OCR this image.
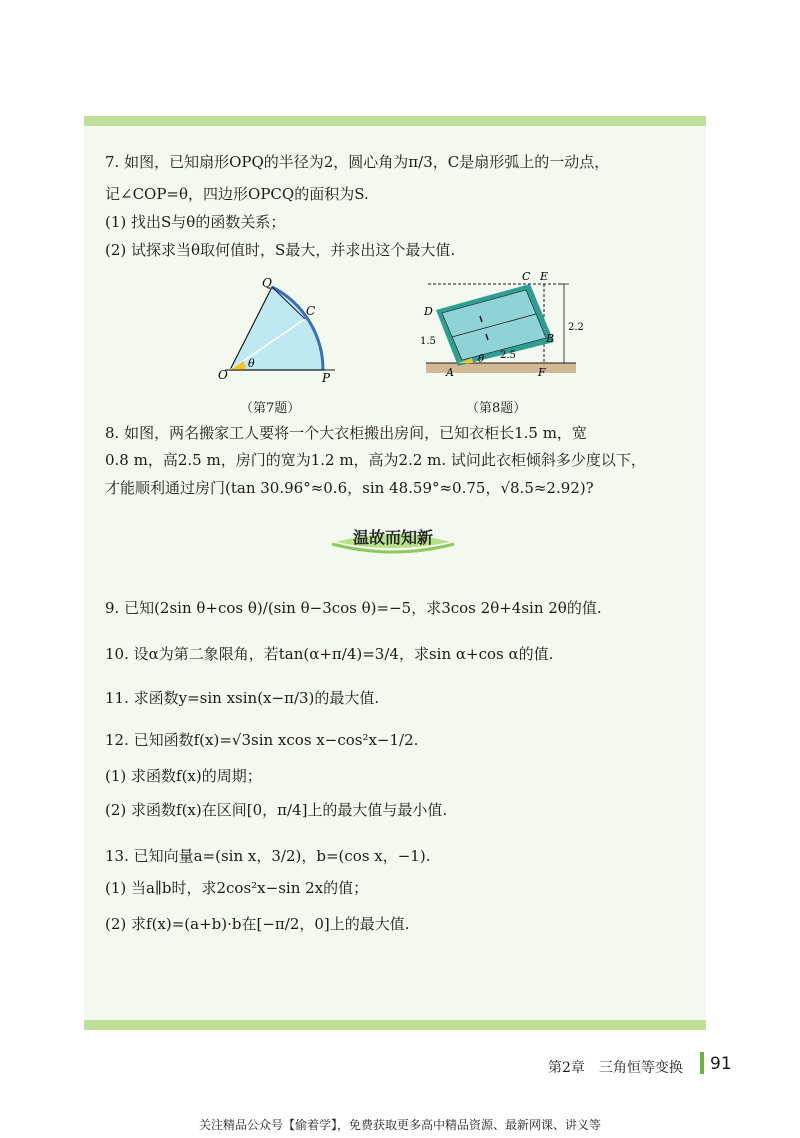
7. 如图，已知扇形OPQ的半径为2，圆心角为π/3，C是扇形弧上的一动点，
记∠COP=θ，四边形OPCQ的面积为S.
(1) 找出S与θ的函数关系；
(2) 试探求当θ取何值时，S最大，并求出这个最大值.
Q
C
O	P
θ
（第7题）
C E
D
B
A	F
θ
1.5
2.5
2.2
（第8题）
8. 如图，两名搬家工人要将一个大衣柜搬出房间，已知衣柜长1.5 m，宽
0.8 m，高2.5 m，房门的宽为1.2 m，高为2.2 m. 试问此衣柜倾斜多少度以下，
才能顺利通过房门(tan 30.96°≈0.6，sin 48.59°≈0.75，√8.5≈2.92)?
温故而知新
9. 已知(2sin θ+cos θ)/(sin θ−3cos θ)=−5，求3cos 2θ+4sin 2θ的值.
10. 设α为第二象限角，若tan(α+π/4)=3/4，求sin α+cos α的值.
11. 求函数y=sin xsin(x−π/3)的最大值.
12. 已知函数f(x)=√3sin xcos x−cos²x−1/2.
(1) 求函数f(x)的周期；
(2) 求函数f(x)在区间[0，π/4]上的最大值与最小值.
13. 已知向量a=(sin x，3/2)，b=(cos x，−1).
(1) 当a∥b时，求2cos²x−sin 2x的值；
(2) 求f(x)=(a+b)·b在[−π/2，0]上的最大值.
第2章　三角恒等变换 91
关注精品公众号【偷着学】，免费获取更多高中精品资源、最新网课、讲义等
